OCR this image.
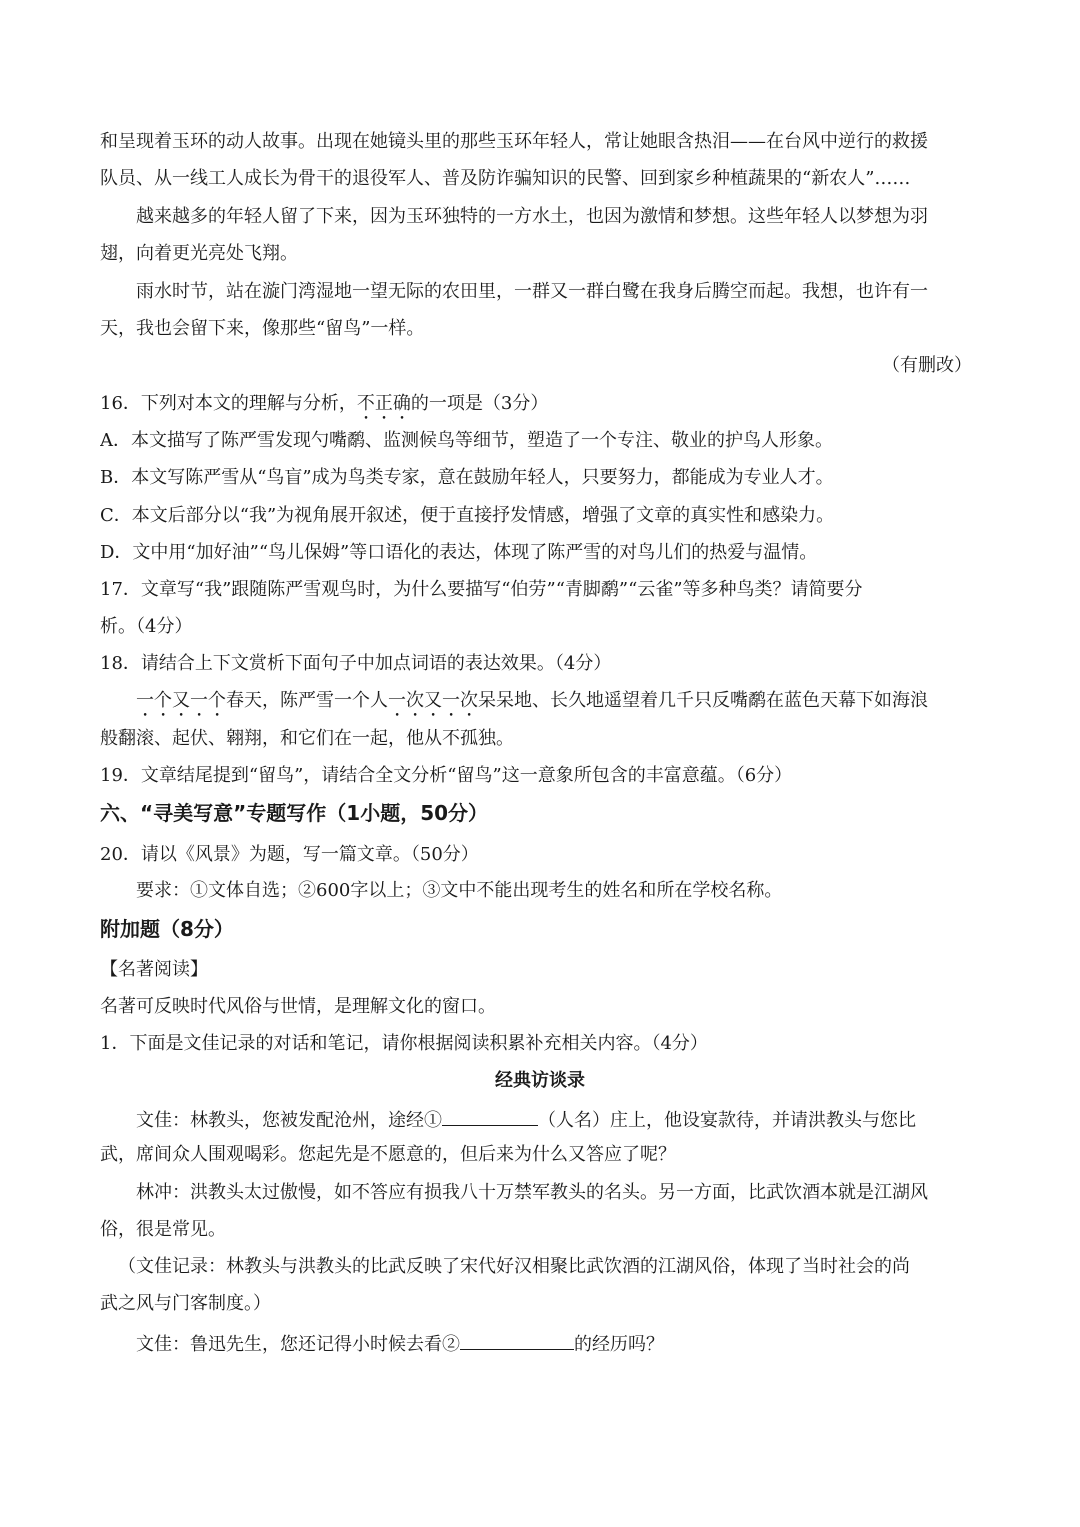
和呈现着玉环的动人故事。出现在她镜头里的那些玉环年轻人，常让她眼含热泪——在台风中逆行的救援
队员、从一线工人成长为骨干的退役军人、普及防诈骗知识的民警、回到家乡种植蔬果的“新农人”……
越来越多的年轻人留了下来，因为玉环独特的一方水土，也因为激情和梦想。这些年轻人以梦想为羽
翅，向着更光亮处飞翔。
雨水时节，站在漩门湾湿地一望无际的农田里，一群又一群白鹭在我身后腾空而起。我想，也许有一
天，我也会留下来，像那些“留鸟”一样。
（有删改）
16．下列对本文的理解与分析，不正确的一项是（3分）
A．本文描写了陈严雪发现勺嘴鹬、监测候鸟等细节，塑造了一个专注、敬业的护鸟人形象。
B．本文写陈严雪从“鸟盲”成为鸟类专家，意在鼓励年轻人，只要努力，都能成为专业人才。
C．本文后部分以“我”为视角展开叙述，便于直接抒发情感，增强了文章的真实性和感染力。
D．文中用“加好油”“鸟儿保姆”等口语化的表达，体现了陈严雪的对鸟儿们的热爱与温情。
17．文章写“我”跟随陈严雪观鸟时，为什么要描写“伯劳”“青脚鹬”“云雀”等多种鸟类？请简要分
析。（4分）
18．请结合上下文赏析下面句子中加点词语的表达效果。（4分）
一个又一个春天，陈严雪一个人一次又一次呆呆地、长久地遥望着几千只反嘴鹬在蓝色天幕下如海浪
般翻滚、起伏、翱翔，和它们在一起，他从不孤独。
19．文章结尾提到“留鸟”，请结合全文分析“留鸟”这一意象所包含的丰富意蕴。（6分）
六、“寻美写意”专题写作（1小题，50分）
20．请以《风景》为题，写一篇文章。（50分）
要求：①文体自选；②600字以上；③文中不能出现考生的姓名和所在学校名称。
附加题（8分）
【名著阅读】
名著可反映时代风俗与世情，是理解文化的窗口。
1．下面是文佳记录的对话和笔记，请你根据阅读积累补充相关内容。（4分）
经典访谈录
文佳：林教头，您被发配沧州，途经①	（人名）庄上，他设宴款待，并请洪教头与您比
武，席间众人围观喝彩。您起先是不愿意的，但后来为什么又答应了呢？
林冲：洪教头太过傲慢，如不答应有损我八十万禁军教头的名头。另一方面，比武饮酒本就是江湖风
俗，很是常见。
（文佳记录：林教头与洪教头的比武反映了宋代好汉相聚比武饮酒的江湖风俗，体现了当时社会的尚
武之风与门客制度。）
文佳：鲁迅先生，您还记得小时候去看②	的经历吗？
